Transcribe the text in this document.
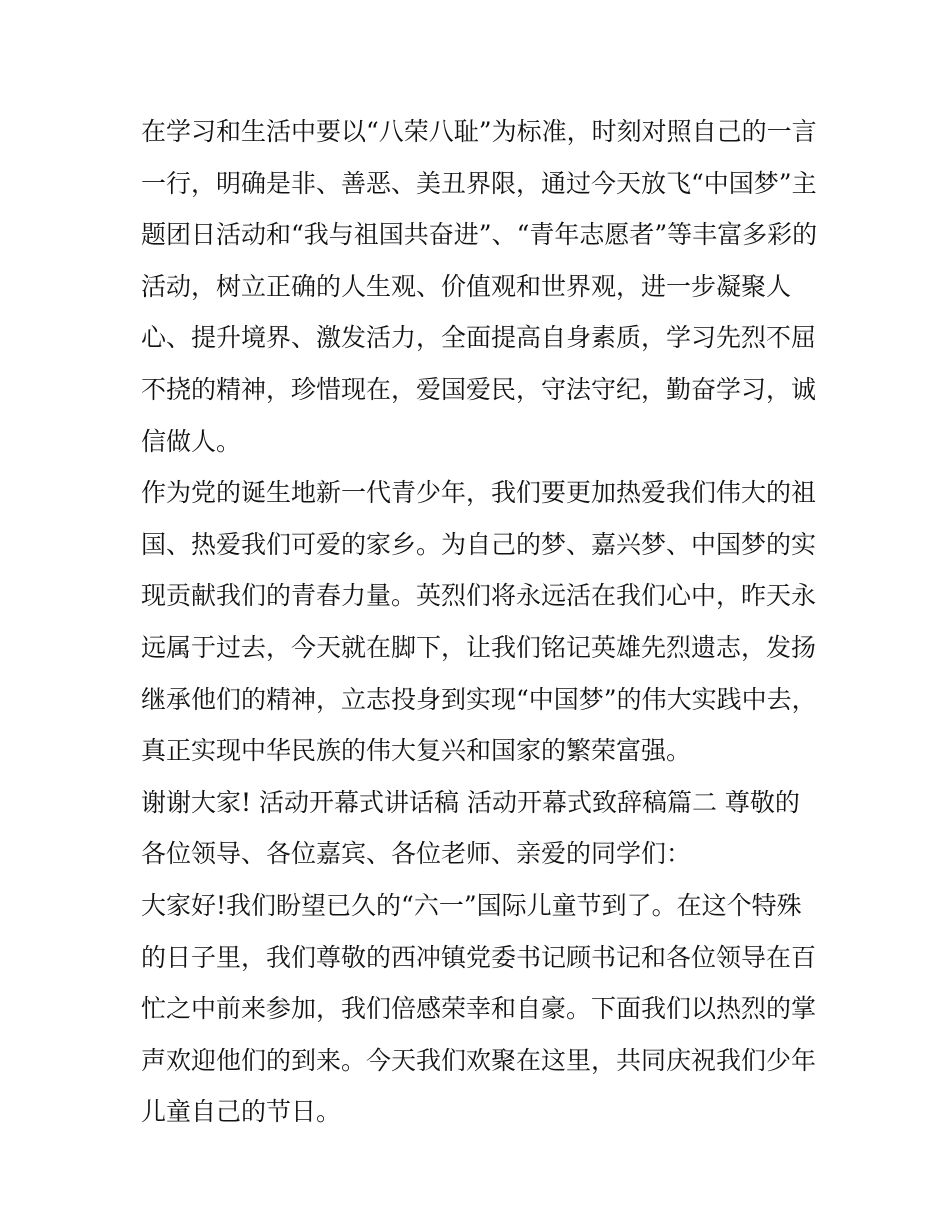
在学习和生活中要以“八荣八耻”为标准，时刻对照自己的一言
一行，明确是非、善恶、美丑界限，通过今天放飞“中国梦”主
题团日活动和“我与祖国共奋进”、“青年志愿者”等丰富多彩的
活动，树立正确的人生观、价值观和世界观，进一步凝聚人
心、提升境界、激发活力，全面提高自身素质，学习先烈不屈
不挠的精神，珍惜现在，爱国爱民，守法守纪，勤奋学习，诚
信做人。
作为党的诞生地新一代青少年，我们要更加热爱我们伟大的祖
国、热爱我们可爱的家乡。为自己的梦、嘉兴梦、中国梦的实
现贡献我们的青春力量。英烈们将永远活在我们心中，昨天永
远属于过去，今天就在脚下，让我们铭记英雄先烈遗志，发扬
继承他们的精神，立志投身到实现“中国梦”的伟大实践中去，
真正实现中华民族的伟大复兴和国家的繁荣富强。
谢谢大家! 活动开幕式讲话稿 活动开幕式致辞稿篇二 尊敬的
各位领导、各位嘉宾、各位老师、亲爱的同学们：
大家好!我们盼望已久的“六一”国际儿童节到了。在这个特殊
的日子里，我们尊敬的西冲镇党委书记顾书记和各位领导在百
忙之中前来参加，我们倍感荣幸和自豪。下面我们以热烈的掌
声欢迎他们的到来。今天我们欢聚在这里，共同庆祝我们少年
儿童自己的节日。
